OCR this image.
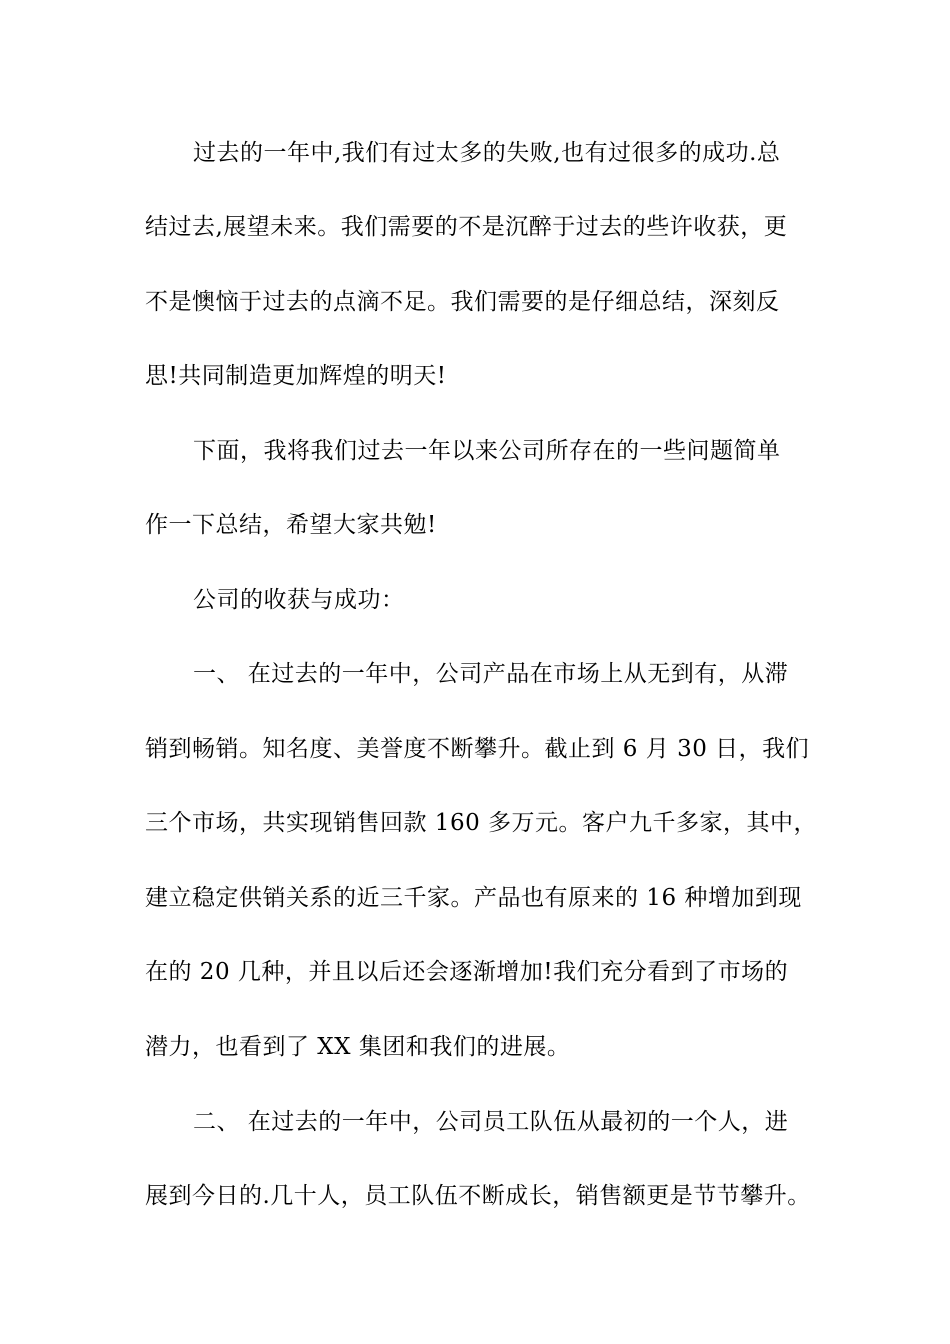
过去的一年中,我们有过太多的失败,也有过很多的成功.总
结过去,展望未来。我们需要的不是沉醉于过去的些许收获，更
不是懊恼于过去的点滴不足。我们需要的是仔细总结，深刻反
思!共同制造更加辉煌的明天!
下面，我将我们过去一年以来公司所存在的一些问题简单
作一下总结，希望大家共勉!
公司的收获与成功：
一、 在过去的一年中，公司产品在市场上从无到有，从滞
销到畅销。知名度、美誉度不断攀升。截止到 6 月 30 日，我们
三个市场，共实现销售回款 160 多万元。客户九千多家，其中，
建立稳定供销关系的近三千家。产品也有原来的 16 种增加到现
在的 20 几种，并且以后还会逐渐增加!我们充分看到了市场的
潜力，也看到了 XX 集团和我们的进展。
二、 在过去的一年中，公司员工队伍从最初的一个人，进
展到今日的.几十人，员工队伍不断成长，销售额更是节节攀升。
